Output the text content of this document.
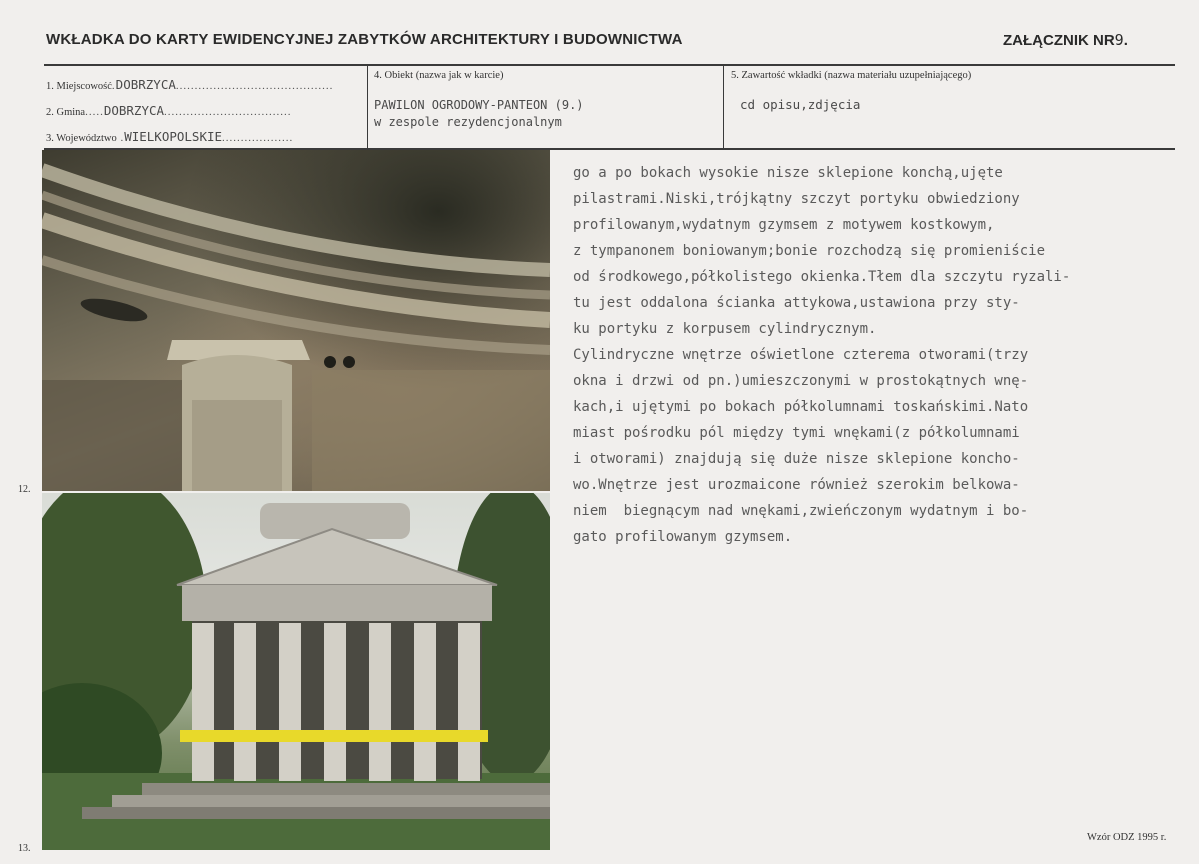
WKŁADKA DO KARTY EWIDENCYJNEJ ZABYTKÓW ARCHITEKTURY I BUDOWNICTWA	ZAŁĄCZNIK NR9.
1. Miejscowość.DOBRZYCA..........................................
2. Gmina.....DOBRZYCA..................................
3. Województwo .WIELKOPOLSKIE...................
4. Obiekt (nazwa jak w karcie)
PAWILON OGRODOWY-PANTEON (9.)
w zespole rezydencjonalnym
5. Zawartość wkładki (nazwa materiału uzupełniającego)
cd opisu,zdjęcia
12.
13.
go a po bokach wysokie nisze sklepione konchą,ujęte
pilastrami.Niski,trójkątny szczyt portyku obwiedziony
profilowanym,wydatnym gzymsem z motywem kostkowym,
z tympanonem boniowanym;bonie rozchodzą się promieniście
od środkowego,półkolistego okienka.Tłem dla szczytu ryzali-
tu jest oddalona ścianka attykowa,ustawiona przy sty-
ku portyku z korpusem cylindrycznym.
Cylindryczne wnętrze oświetlone czterema otworami(trzy
okna i drzwi od pn.)umieszczonymi w prostokątnych wnę-
kach,i ujętymi po bokach półkolumnami toskańskimi.Nato
miast pośrodku pól między tymi wnękami(z półkolumnami
i otworami) znajdują się duże nisze sklepione koncho-
wo.Wnętrze jest urozmaicone również szerokim belkowa-
niem  biegnącym nad wnękami,zwieńczonym wydatnym i bo-
gato profilowanym gzymsem.
Wzór ODZ 1995 r.
